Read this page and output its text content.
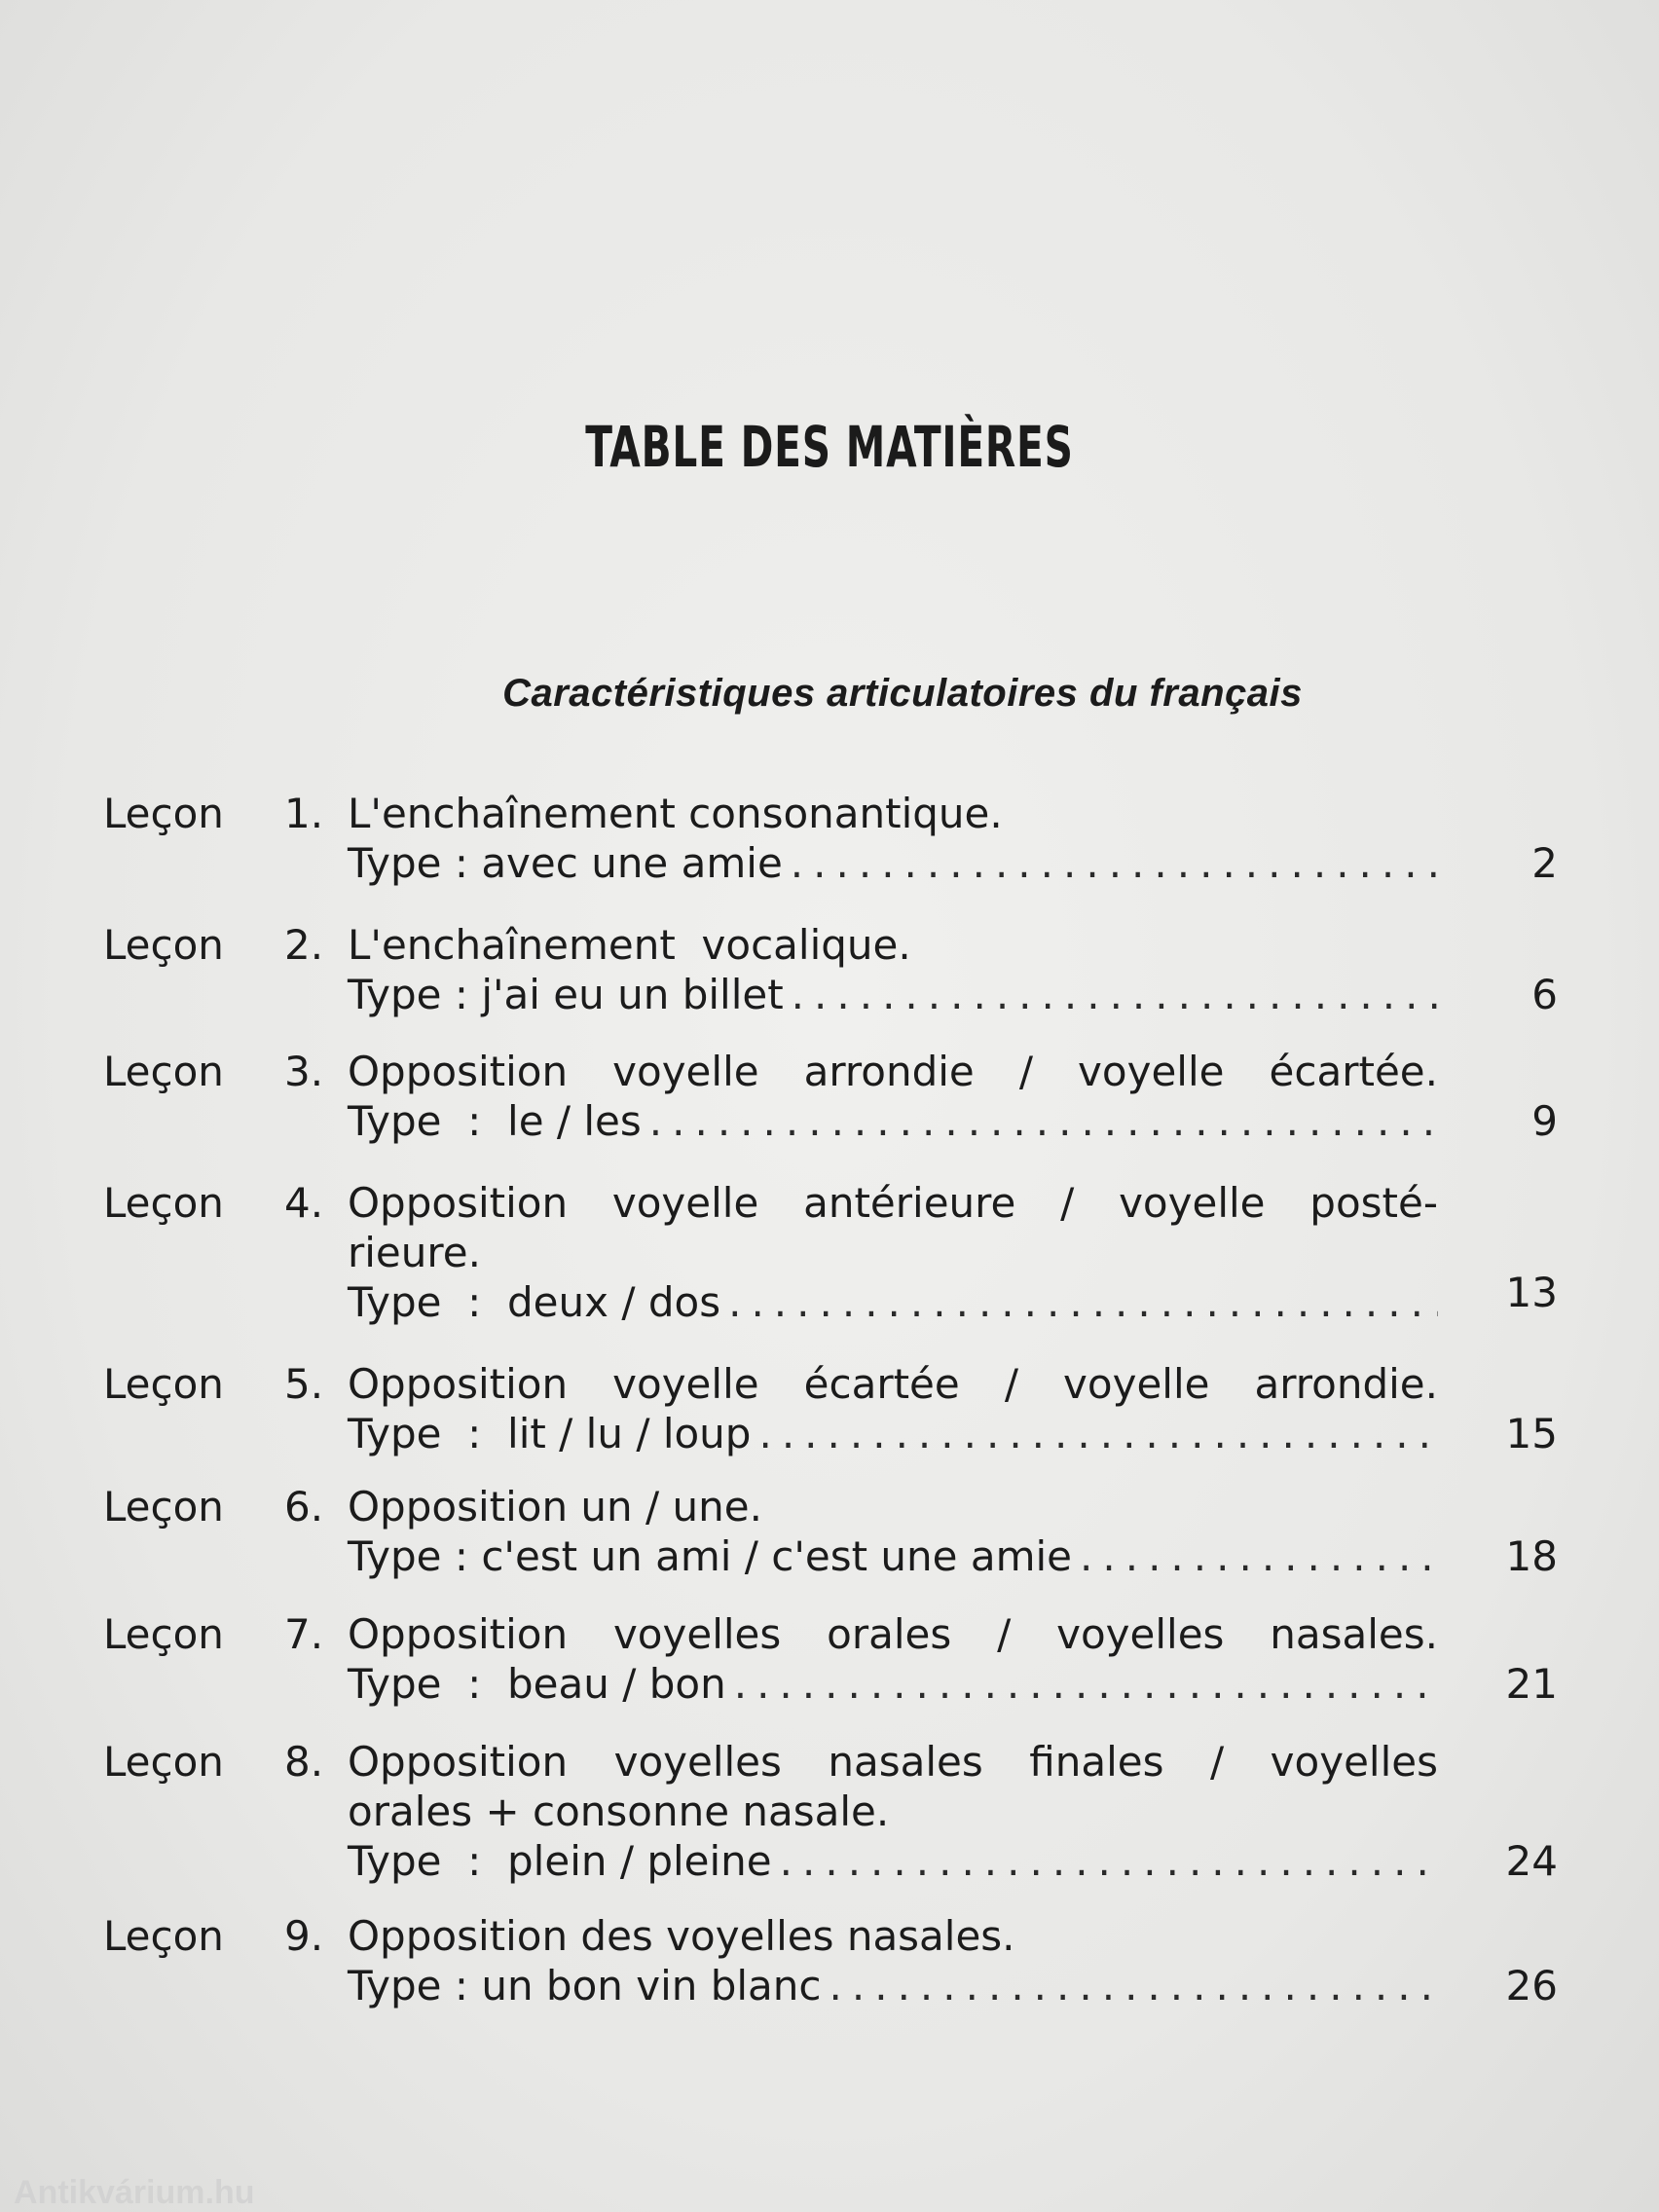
TABLE DES MATIÈRES
Caractéristiques articulatoires du français
Leçon 1. L'enchaînement consonantique.
Type : avec une amie .....	2
Leçon 2. L'enchaînement  vocalique.
Type : j'ai eu un billet .....	6
Leçon 3. Opposition voyelle arrondie / voyelle écartée.
Type  :  le / les .....	9
Leçon 4. Opposition voyelle antérieure / voyelle posté-
rieure.
Type  :  deux / dos .....	13
Leçon 5. Opposition voyelle écartée / voyelle arrondie.
Type  :  lit / lu / loup .....	15
Leçon 6. Opposition un / une.
Type : c'est un ami / c'est une amie .....	18
Leçon 7. Opposition voyelles orales / voyelles nasales.
Type  :  beau / bon .....	21
Leçon 8. Opposition voyelles nasales finales / voyelles
orales + consonne nasale.
Type  :  plein / pleine .....	24
Leçon 9. Opposition des voyelles nasales.
Type : un bon vin blanc .....	26
Antikvárium.hu
